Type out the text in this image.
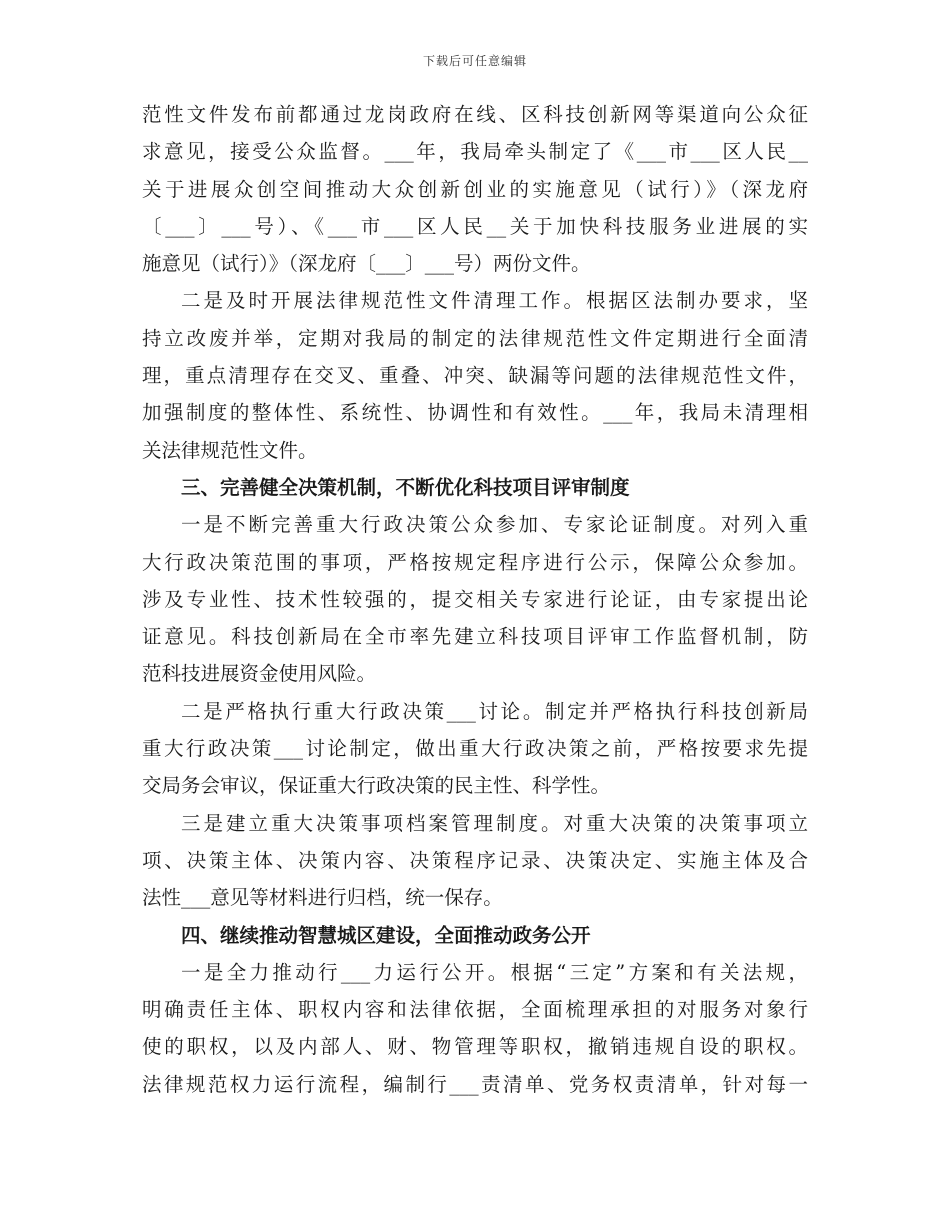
下载后可任意编辑
范性文件发布前都通过龙岗政府在线、区科技创新网等渠道向公众征
求意见，接受公众监督。___年，我局牵头制定了《___市___区人民__
关于进展众创空间推动大众创新创业的实施意见（试行）》（深龙府
〔___〕___号）、《___市___区人民__关于加快科技服务业进展的实
施意见（试行）》（深龙府〔___〕___号）两份文件。
二是及时开展法律规范性文件清理工作。根据区法制办要求，坚
持立改废并举，定期对我局的制定的法律规范性文件定期进行全面清
理，重点清理存在交叉、重叠、冲突、缺漏等问题的法律规范性文件，
加强制度的整体性、系统性、协调性和有效性。___年，我局未清理相
关法律规范性文件。
三、完善健全决策机制，不断优化科技项目评审制度
一是不断完善重大行政决策公众参加、专家论证制度。对列入重
大行政决策范围的事项，严格按规定程序进行公示，保障公众参加。
涉及专业性、技术性较强的，提交相关专家进行论证，由专家提出论
证意见。科技创新局在全市率先建立科技项目评审工作监督机制，防
范科技进展资金使用风险。
二是严格执行重大行政决策___讨论。制定并严格执行科技创新局
重大行政决策___讨论制定，做出重大行政决策之前，严格按要求先提
交局务会审议，保证重大行政决策的民主性、科学性。
三是建立重大决策事项档案管理制度。对重大决策的决策事项立
项、决策主体、决策内容、决策程序记录、决策决定、实施主体及合
法性___意见等材料进行归档，统一保存。
四、继续推动智慧城区建设，全面推动政务公开
一是全力推动行___力运行公开。根据“三定”方案和有关法规，
明确责任主体、职权内容和法律依据，全面梳理承担的对服务对象行
使的职权，以及内部人、财、物管理等职权，撤销违规自设的职权。
法律规范权力运行流程，编制行___责清单、党务权责清单，针对每一
